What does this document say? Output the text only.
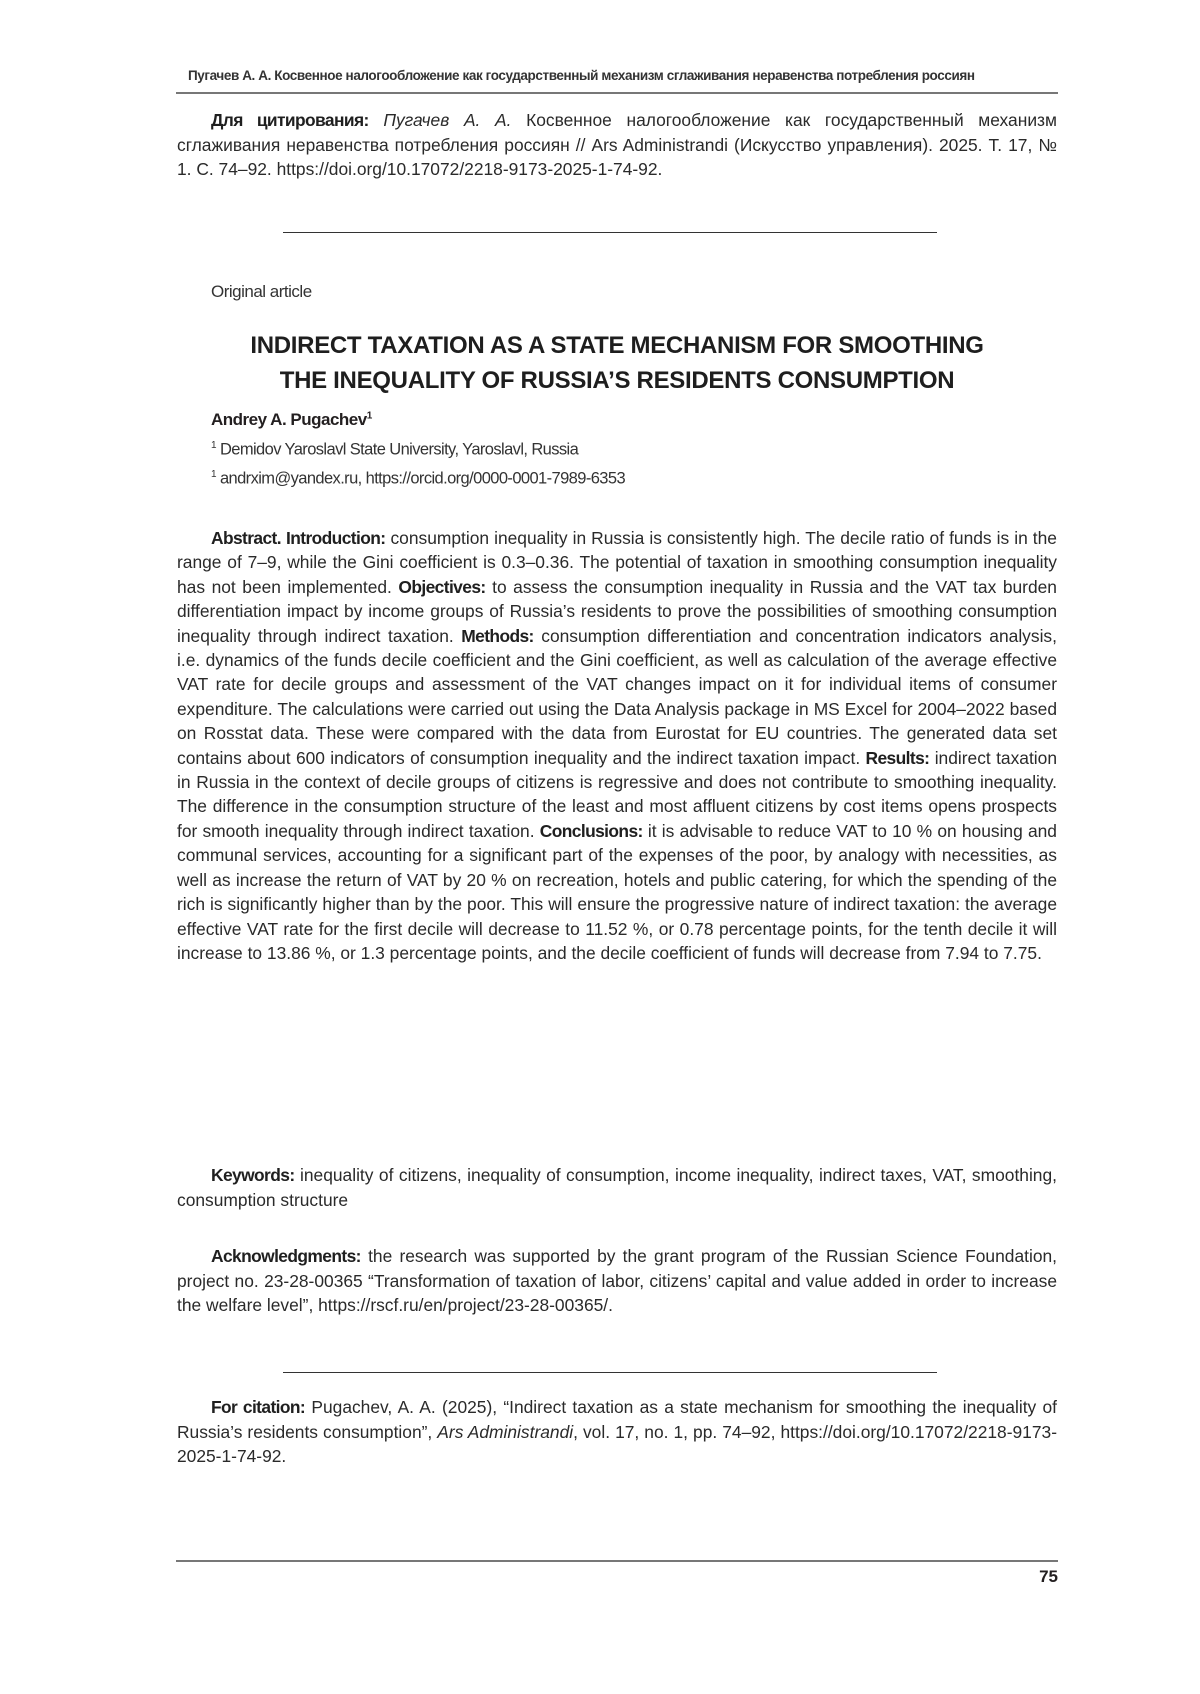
Пугачев А. А. Косвенное налогообложение как государственный механизм сглаживания неравенства потребления россиян
Для цитирования: Пугачев А. А. Косвенное налогообложение как государственный механизм сглаживания неравенства потребления россиян // Ars Administrandi (Искусство управления). 2025. Т. 17, № 1. С. 74–92. https://doi.org/10.17072/2218-9173-2025-1-74-92.
Original article
INDIRECT TAXATION AS A STATE MECHANISM FOR SMOOTHING
THE INEQUALITY OF RUSSIA’S RESIDENTS CONSUMPTION
Andrey A. Pugachev1
1 Demidov Yaroslavl State University, Yaroslavl, Russia
1 andrxim@yandex.ru, https://orcid.org/0000-0001-7989-6353
Abstract. Introduction: consumption inequality in Russia is consistently high. The decile ratio of funds is in the range of 7–9, while the Gini coefficient is 0.3–0.36. The potential of taxation in smoothing consumption inequality has not been implemented. Objectives: to assess the consumption inequality in Russia and the VAT tax burden differentiation impact by income groups of Russia’s residents to prove the possibilities of smoothing consumption inequality through indirect taxation. Methods: consumption differentiation and concentration indicators analysis, i.e. dynamics of the funds decile coefficient and the Gini coefficient, as well as calculation of the average effective VAT rate for decile groups and assessment of the VAT changes impact on it for individual items of consumer expenditure. The calculations were carried out using the Data Analysis package in MS Excel for 2004–2022 based on Rosstat data. These were compared with the data from Eurostat for EU countries. The generated data set contains about 600 indicators of consumption inequality and the indirect taxation impact. Results: indirect taxation in Russia in the context of decile groups of citizens is regressive and does not contribute to smoothing inequality. The difference in the consumption structure of the least and most affluent citizens by cost items opens prospects for smooth inequality through indirect taxation. Conclusions: it is advisable to reduce VAT to 10 % on housing and communal services, accounting for a significant part of the expenses of the poor, by analogy with necessities, as well as increase the return of VAT by 20 % on recreation, hotels and public catering, for which the spending of the rich is significantly higher than by the poor. This will ensure the progressive nature of indirect taxation: the average effective VAT rate for the first decile will decrease to 11.52 %, or 0.78 percentage points, for the tenth decile it will increase to 13.86 %, or 1.3 percentage points, and the decile coefficient of funds will decrease from 7.94 to 7.75.
Keywords: inequality of citizens, inequality of consumption, income inequality, indirect taxes, VAT, smoothing, consumption structure
Acknowledgments: the research was supported by the grant program of the Russian Science Foundation, project no. 23-28-00365 “Transformation of taxation of labor, citizens’ capital and value added in order to increase the welfare level”, https://rscf.ru/en/project/23-28-00365/.
For citation: Pugachev, A. A. (2025), “Indirect taxation as a state mechanism for smoothing the inequality of Russia’s residents consumption”, Ars Administrandi, vol. 17, no. 1, pp. 74–92, https://doi.org/10.17072/2218-9173-2025-1-74-92.
75
